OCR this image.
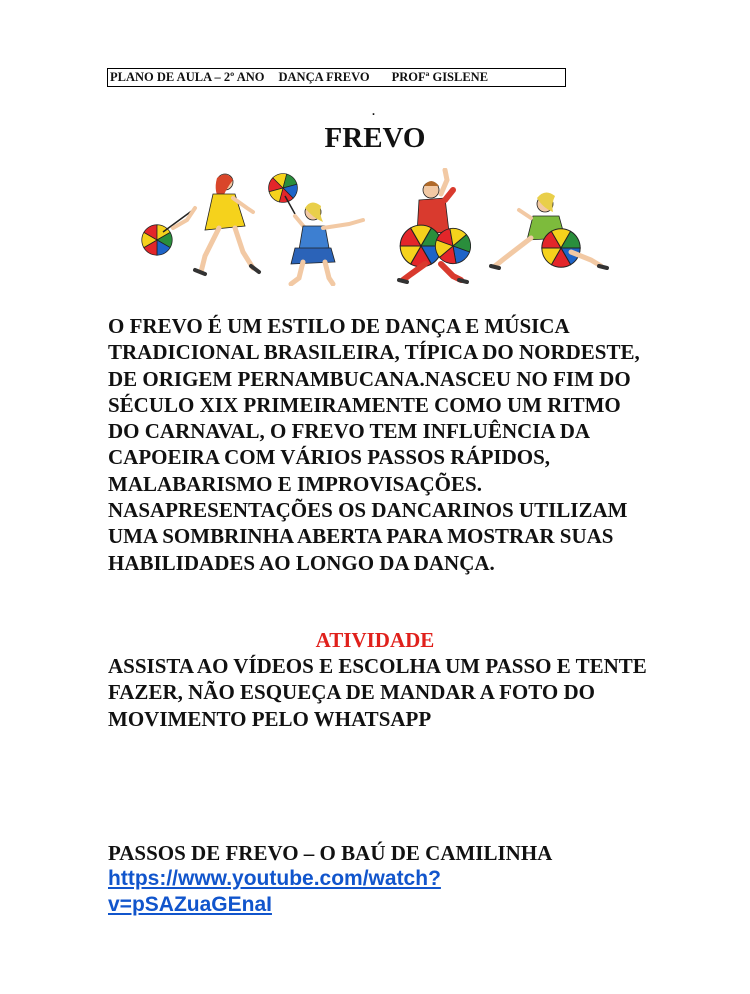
PLANO DE AULA – 2º ANO DANÇA FREVO PROFª GISLENE
.
FREVO

O FREVO É UM ESTILO DE DANÇA E MÚSICA TRADICIONAL BRASILEIRA, TÍPICA DO NORDESTE, DE ORIGEM PERNAMBUCANA.NASCEU NO FIM DO SÉCULO XIX PRIMEIRAMENTE COMO UM RITMO DO CARNAVAL, O FREVO TEM INFLUÊNCIA DA CAPOEIRA COM VÁRIOS PASSOS RÁPIDOS, MALABARISMO E IMPROVISAÇÕES. NASAPRESENTAÇÕES OS DANCARINOS UTILIZAM UMA SOMBRINHA ABERTA PARA MOSTRAR SUAS HABILIDADES AO LONGO DA DANÇA.

ATIVIDADE

ASSISTA AO VÍDEOS E ESCOLHA UM PASSO E TENTE FAZER, NÃO ESQUEÇA DE MANDAR A FOTO DO MOVIMENTO PELO WHATSAPP

PASSOS DE FREVO – O BAÚ DE CAMILINHA
https://www.youtube.com/watch?
v=pSAZuaGEnaI
